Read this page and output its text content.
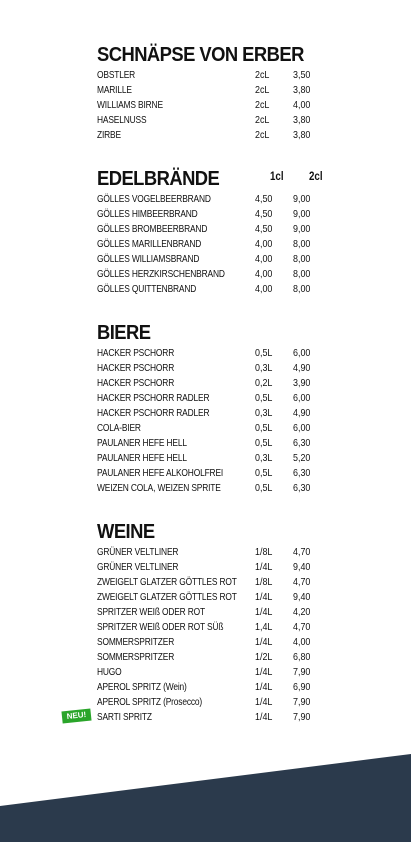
SCHNÄPSE VON ERBER
OBSTLER	2cL 3,50
MARILLE	2cL 3,80
WILLIAMS BIRNE	2cL 4,00
HASELNUSS	2cL 3,80
ZIRBE	2cL 3,80
EDELBRÄNDE	1cl 2cl
GÖLLES VOGELBEERBRAND	4,50 9,00
GÖLLES HIMBEERBRAND	4,50 9,00
GÖLLES BROMBEERBRAND	4,50 9,00
GÖLLES MARILLENBRAND	4,00 8,00
GÖLLES WILLIAMSBRAND	4,00 8,00
GÖLLES HERZKIRSCHENBRAND	4,00 8,00
GÖLLES QUITTENBRAND	4,00 8,00
BIERE
HACKER PSCHORR	0,5L 6,00
HACKER PSCHORR	0,3L 4,90
HACKER PSCHORR	0,2L 3,90
HACKER PSCHORR RADLER	0,5L 6,00
HACKER PSCHORR RADLER	0,3L 4,90
COLA-BIER	0,5L 6,00
PAULANER HEFE HELL	0,5L 6,30
PAULANER HEFE HELL	0,3L 5,20
PAULANER HEFE ALKOHOLFREI	0,5L 6,30
WEIZEN COLA, WEIZEN SPRITE	0,5L 6,30
WEINE
GRÜNER VELTLINER	1/8L 4,70
GRÜNER VELTLINER	1/4L 9,40
ZWEIGELT GLATZER GÖTTLES ROT 1/8L 4,70
ZWEIGELT GLATZER GÖTTLES ROT 1/4L 9,40
SPRITZER WEIß ODER ROT	1/4L 4,20
SPRITZER WEIß ODER ROT SÜß	1,4L 4,70
SOMMERSPRITZER	1/4L 4,00
SOMMERSPRITZER	1/2L 6,80
HUGO	1/4L 7,90
APEROL SPRITZ (Wein)	1/4L 6,90
APEROL SPRITZ (Prosecco)	1/4L 7,90
SARTI SPRITZ	1/4L 7,90
NEU!
